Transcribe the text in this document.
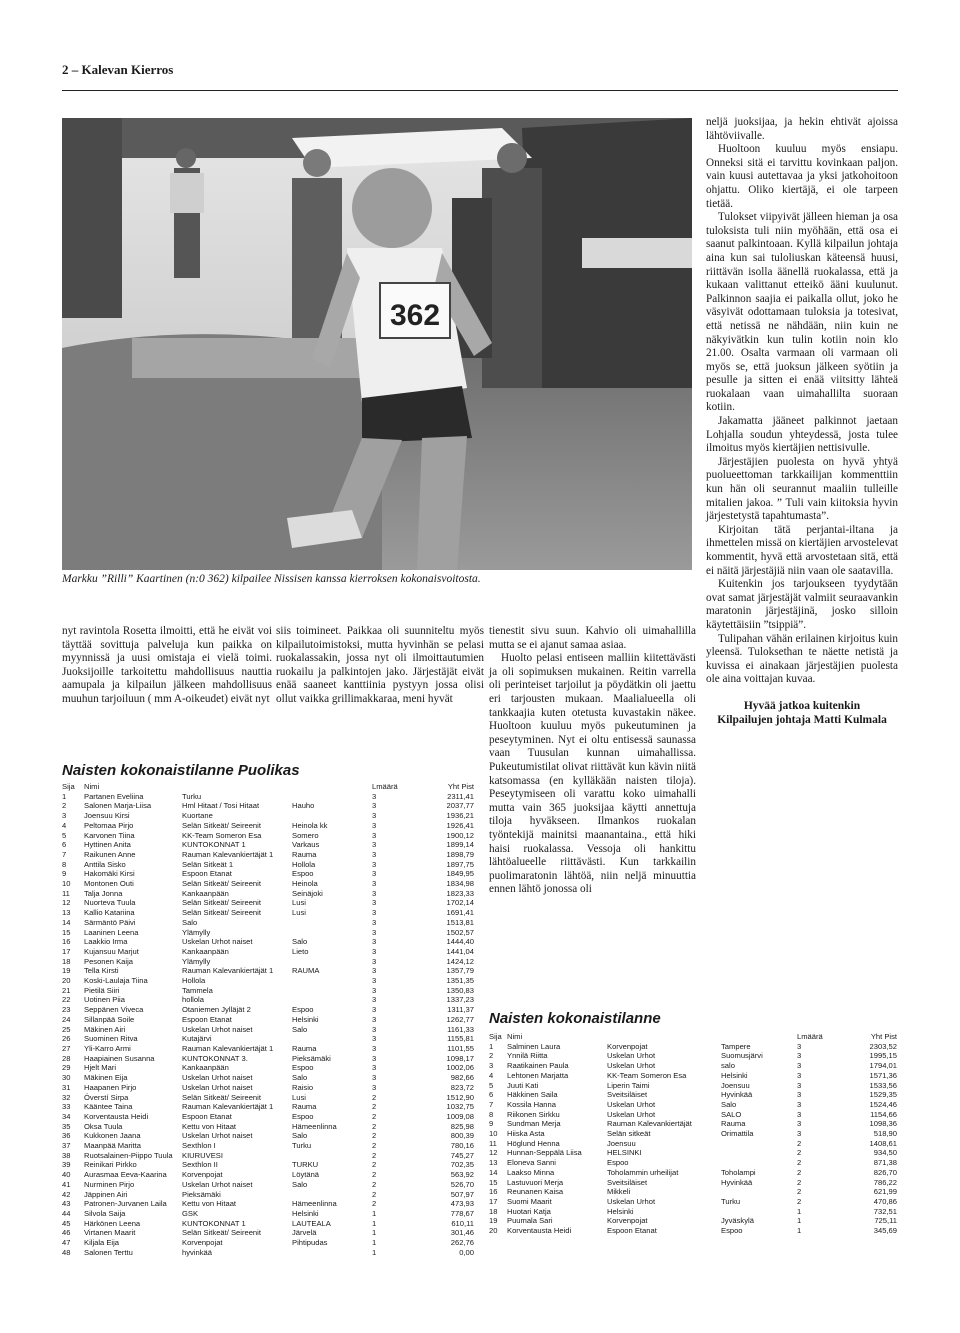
2 – Kalevan Kierros
362
Markku ”Rilli” Kaartinen (n:0 362) kilpailee Nissisen kanssa kierroksen kokonaisvoitosta.

nyt ravintola Rosetta ilmoitti, että he eivät voi täyttää sovittuja palveluja kun paikka on myynnissä ja uusi omistaja ei vielä toimi. Juoksijoille tarkoitettu mahdollisuus nauttia aamupala ja kilpailun jälkeen mahdollisuus muuhun tarjoiluun ( mm A-oikeudet) eivät nyt

siis toimineet. Paikkaa oli suunniteltu myös kilpailutoimistoksi, mutta hyvinhän se pelasi ruokalassakin, jossa nyt oli ilmoittautumien ruokailu ja palkintojen jako. Järjestäjät eivät enää saaneet kanttiinia pystyyn jossa olisi ollut vaikka grillimakkaraa, meni hyvät

tienestit sivu suun. Kahvio oli uimahallilla mutta se ei ajanut samaa asiaa.

Huolto pelasi entiseen malliin kiitettävästi ja oli sopimuksen mukainen. Reitin varrella oli perinteiset tarjoilut ja pöydätkin oli jaettu eri tarjousten mukaan. Maalialueella oli tankkaajia kuten otetusta kuvastakin näkee. Huoltoon kuuluu myös pukeutuminen ja peseytyminen. Nyt ei oltu entisessä saunassa vaan Tuusulan kunnan uimahallissa. Pukeutumistilat olivat riittävät kun kävin niitä katsomassa (en kylläkään naisten tiloja). Peseytymiseen oli varattu koko uimahalli mutta vain 365 juoksijaa käytti annettuja tiloja hyväkseen. Ilmankos ruokalan työntekijä mainitsi maanantaina., että hiki haisi ruokalassa. Vessoja oli hankittu lähtöalueelle riittävästi. Kun tarkkailin puolimaratonin lähtöä, niin neljä minuuttia ennen lähtö jonossa oli

neljä juoksijaa, ja hekin ehtivät ajoissa lähtöviivalle.

Huoltoon kuuluu myös ensiapu. Onneksi sitä ei tarvittu kovinkaan paljon. vain kuusi autettavaa ja yksi jatkohoitoon ohjattu. Oliko kiertäjä, ei ole tarpeen tietää.

Tulokset viipyivät jälleen hieman ja osa tuloksista tuli niin myöhään, että osa ei saanut palkintoaan. Kyllä kilpailun johtaja aina kun sai tuloliuskan käteensä huusi, riittävän isolla äänellä ruokalassa, että ja kukaan valittanut etteikö ääni kuulunut. Palkinnon saajia ei paikalla ollut, joko he väsyivät odottamaan tuloksia ja totesivat, että netissä ne nähdään, niin kuin ne näkyivätkin kun tulin kotiin noin klo 21.00. Osalta varmaan oli varmaan oli myös se, että juoksun jälkeen syötiin ja pesulle ja sitten ei enää viitsitty lähteä ruokalaan vaan uimahallilta suoraan kotiin.

Jakamatta jääneet palkinnot jaetaan Lohjalla soudun yhteydessä, josta tulee ilmoitus myös kiertäjien nettisivulle.

Järjestäjien puolesta on hyvä yhtyä puolueettoman tarkkailijan kommenttiin kun hän oli seurannut maaliin tulleille mitalien jakoa. ” Tuli vain kiitoksia hyvin järjestetystä tapahtumasta”.

Kirjoitan tätä perjantai-iltana ja ihmettelen missä on kiertäjien arvostelevat kommentit, hyvä että arvostetaan sitä, että ei näitä järjestäjiä niin vaan ole saatavilla.

Kuitenkin jos tarjoukseen tyydytään ovat samat järjestäjät valmiit seuraavankin maratonin järjestäjinä, josko silloin käytettäisiin ”tsippiä”.

Tulipahan vähän erilainen kirjoitus kuin yleensä. Tuloksethan te näette netistä ja kuvissa ei ainakaan järjestäjien puolesta ole aina voittajan kuvaa.

Hyvää jatkoa kuitenkin
Kilpailujen johtaja Matti Kulmala
Naisten kokonaistilanne Puolikas
Sija	Nimi			Lmäärä	Yht Pist
1	Partanen Eveliina	Turku		3	2311,41
2	Salonen Marja-Liisa	Hml Hitaat / Tosi Hitaat	Hauho	3	2037,77
3	Joensuu Kirsi	Kuortane		3	1936,21
4	Peltomaa Pirjo	Selän Sitkeät/ Seireenit	Heinola kk	3	1926,41
5	Karvonen Tiina	KK-Team Someron Esa	Somero	3	1900,12
6	Hyttinen Anita	KUNTOKONNAT 1	Varkaus	3	1899,14
7	Raikunen Anne	Rauman Kalevankiertäjät 1	Rauma	3	1898,79
8	Anttila Sisko	Selän Sitkeät 1	Hollola	3	1897,75
9	Hakomäki Kirsi	Espoon Etanat	Espoo	3	1849,95
10	Montonen Outi	Selän Sitkeät/ Seireenit	Heinola	3	1834,98
11	Talja Jonna	Kankaanpään	Seinäjoki	3	1823,33
12	Nuorteva Tuula	Selän Sitkeät/ Seireenit	Lusi	3	1702,14
13	Kallio Katariina	Selän Sitkeät/ Seireenit	Lusi	3	1691,41
14	Särmäntö Päivi	Salo		3	1513,81
15	Laaninen Leena	Ylämylly		3	1502,57
16	Laakkio Irma	Uskelan Urhot naiset	Salo	3	1444,40
17	Kujansuu Marjut	Kankaanpään	Lieto	3	1441,04
18	Pesonen Kaija	Ylämylly		3	1424,12
19	Tella Kirsti	Rauman Kalevankiertäjät 1	RAUMA	3	1357,79
20	Koski-Laulaja Tiina	Hollola		3	1351,35
21	Pietilä Siiri	Tammela		3	1350,83
22	Uotinen Piia	hollola		3	1337,23
23	Seppänen Viveca	Otaniemen Jylläjät 2	Espoo	3	1311,37
24	Sillanpää Soile	Espoon Etanat	Helsinki	3	1262,77
25	Mäkinen Airi	Uskelan Urhot naiset	Salo	3	1161,33
26	Suominen Ritva	Kutajärvi		3	1155,81
27	Yli-Karro Armi	Rauman Kalevankiertäjät 1	Rauma	3	1101,55
28	Haapiainen Susanna	KUNTOKONNAT 3.	Pieksämäki	3	1098,17
29	Hjelt Mari	Kankaanpään	Espoo	3	1002,06
30	Mäkinen Eija	Uskelan Urhot naiset	Salo	3	982,66
31	Haapanen Pirjo	Uskelan Urhot naiset	Raisio	3	823,72
32	Överstí Sirpa	Selän Sitkeät/ Seireenit	Lusi	2	1512,90
33	Kääntee Taina	Rauman Kalevankiertäjät 1	Rauma	2	1032,75
34	Korventausta Heidi	Espoon Etanat	Espoo	2	1009,08
35	Oksa Tuula	Kettu von Hitaat	Hämeenlinna	2	825,98
36	Kukkonen Jaana	Uskelan Urhot naiset	Salo	2	800,39
37	Maanpää Maritta	Sexthlon I	Turku	2	780,16
38	Ruotsalainen-Piippo Tuula	KIURUVESI		2	745,27
39	Reinikari Pirkko	Sexthlon II	TURKU	2	702,35
40	Aurasmaa Eeva-Kaarina	Korvenpojat	Löytänä	2	563,92
41	Nurminen Pirjo	Uskelan Urhot naiset	Salo	2	526,70
42	Jäppinen Airi	Pieksämäki		2	507,97
43	Patronen-Jurvanen Laila	Kettu von Hitaat	Hämeenlinna	2	473,93
44	Silvola Saija	GSK	Helsinki	1	778,67
45	Härkönen Leena	KUNTOKONNAT 1	LAUTEALA	1	610,11
46	Virtanen Maarit	Selän Sitkeät/ Seireenit	Järvelä	1	301,46
47	Kiljala Eija	Korvenpojat	Pihtipudas	1	262,76
48	Salonen Terttu	hyvinkää		1	0,00
Naisten kokonaistilanne
Sija	Nimi			Lmäärä	Yht Pist
1	Salminen Laura	Korvenpojat	Tampere	3	2303,52
2	Ynnilä Riitta	Uskelan Urhot	Suomusjärvi	3	1995,15
3	Raatikainen Paula	Uskelan Urhot	salo	3	1794,01
4	Lehtonen Marjatta	KK-Team Someron Esa	Helsinki	3	1571,36
5	Juuti Kati	Liperin Taimi	Joensuu	3	1533,56
6	Häkkinen Saila	Sveitsiläiset	Hyvinkää	3	1529,35
7	Kossila Hanna	Uskelan Urhot	Salo	3	1524,46
8	Riikonen Sirkku	Uskelan Urhot	SALO	3	1154,66
9	Sundman Merja	Rauman Kalevankiertäjät	Rauma	3	1098,36
10	Hiiska Asta	Selän sitkeät	Orimattila	3	518,90
11	Höglund Henna	Joensuu		2	1408,61
12	Hunnan-Seppälä Liisa	HELSINKI		2	934,50
13	Eloneva Sanni	Espoo		2	871,38
14	Laakso Minna	Toholammin urheilijat	Toholampi	2	826,70
15	Lastuvuori Merja	Sveitsiläiset	Hyvinkää	2	786,22
16	Reunanen Kaisa	Mikkeli		2	621,99
17	Suomi Maarit	Uskelan Urhot	Turku	2	470,86
18	Huotari Katja	Helsinki		1	732,51
19	Puumala Sari	Korvenpojat	Jyväskylä	1	725,11
20	Korventausta Heidi	Espoon Etanat	Espoo	1	345,69
